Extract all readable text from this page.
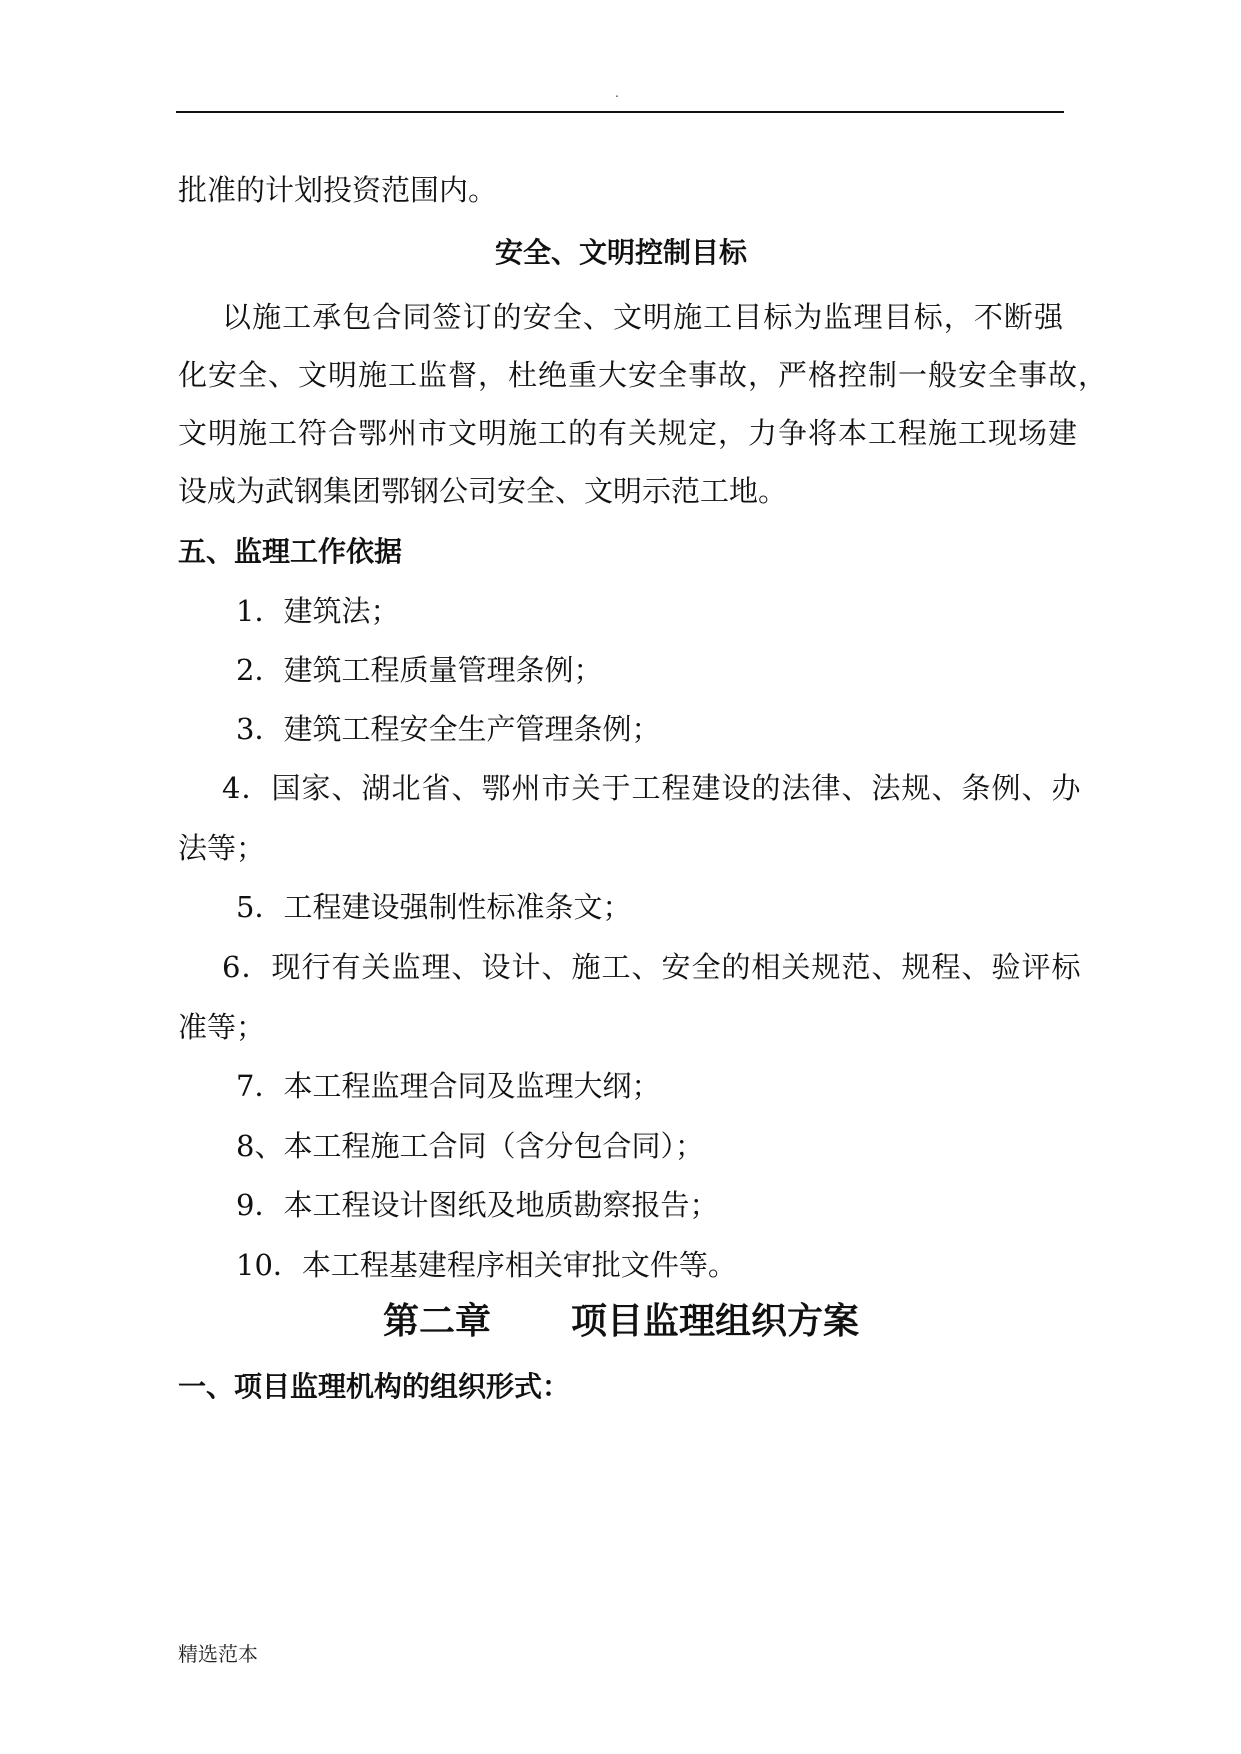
.
批准的计划投资范围内。
安全、文明控制目标
以施工承包合同签订的安全、文明施工目标为监理目标，不断强
化安全、文明施工监督，杜绝重大安全事故，严格控制一般安全事故，
文明施工符合鄂州市文明施工的有关规定，力争将本工程施工现场建
设成为武钢集团鄂钢公司安全、文明示范工地。
五、监理工作依据
1．建筑法；
2．建筑工程质量管理条例；
3．建筑工程安全生产管理条例；
4．国家、湖北省、鄂州市关于工程建设的法律、法规、条例、办
法等；
5．工程建设强制性标准条文；
6．现行有关监理、设计、施工、安全的相关规范、规程、验评标
准等；
7．本工程监理合同及监理大纲；
8、本工程施工合同（含分包合同）；
9．本工程设计图纸及地质勘察报告；
10．本工程基建程序相关审批文件等。
第二章 项目监理组织方案
一、项目监理机构的组织形式：
精选范本
